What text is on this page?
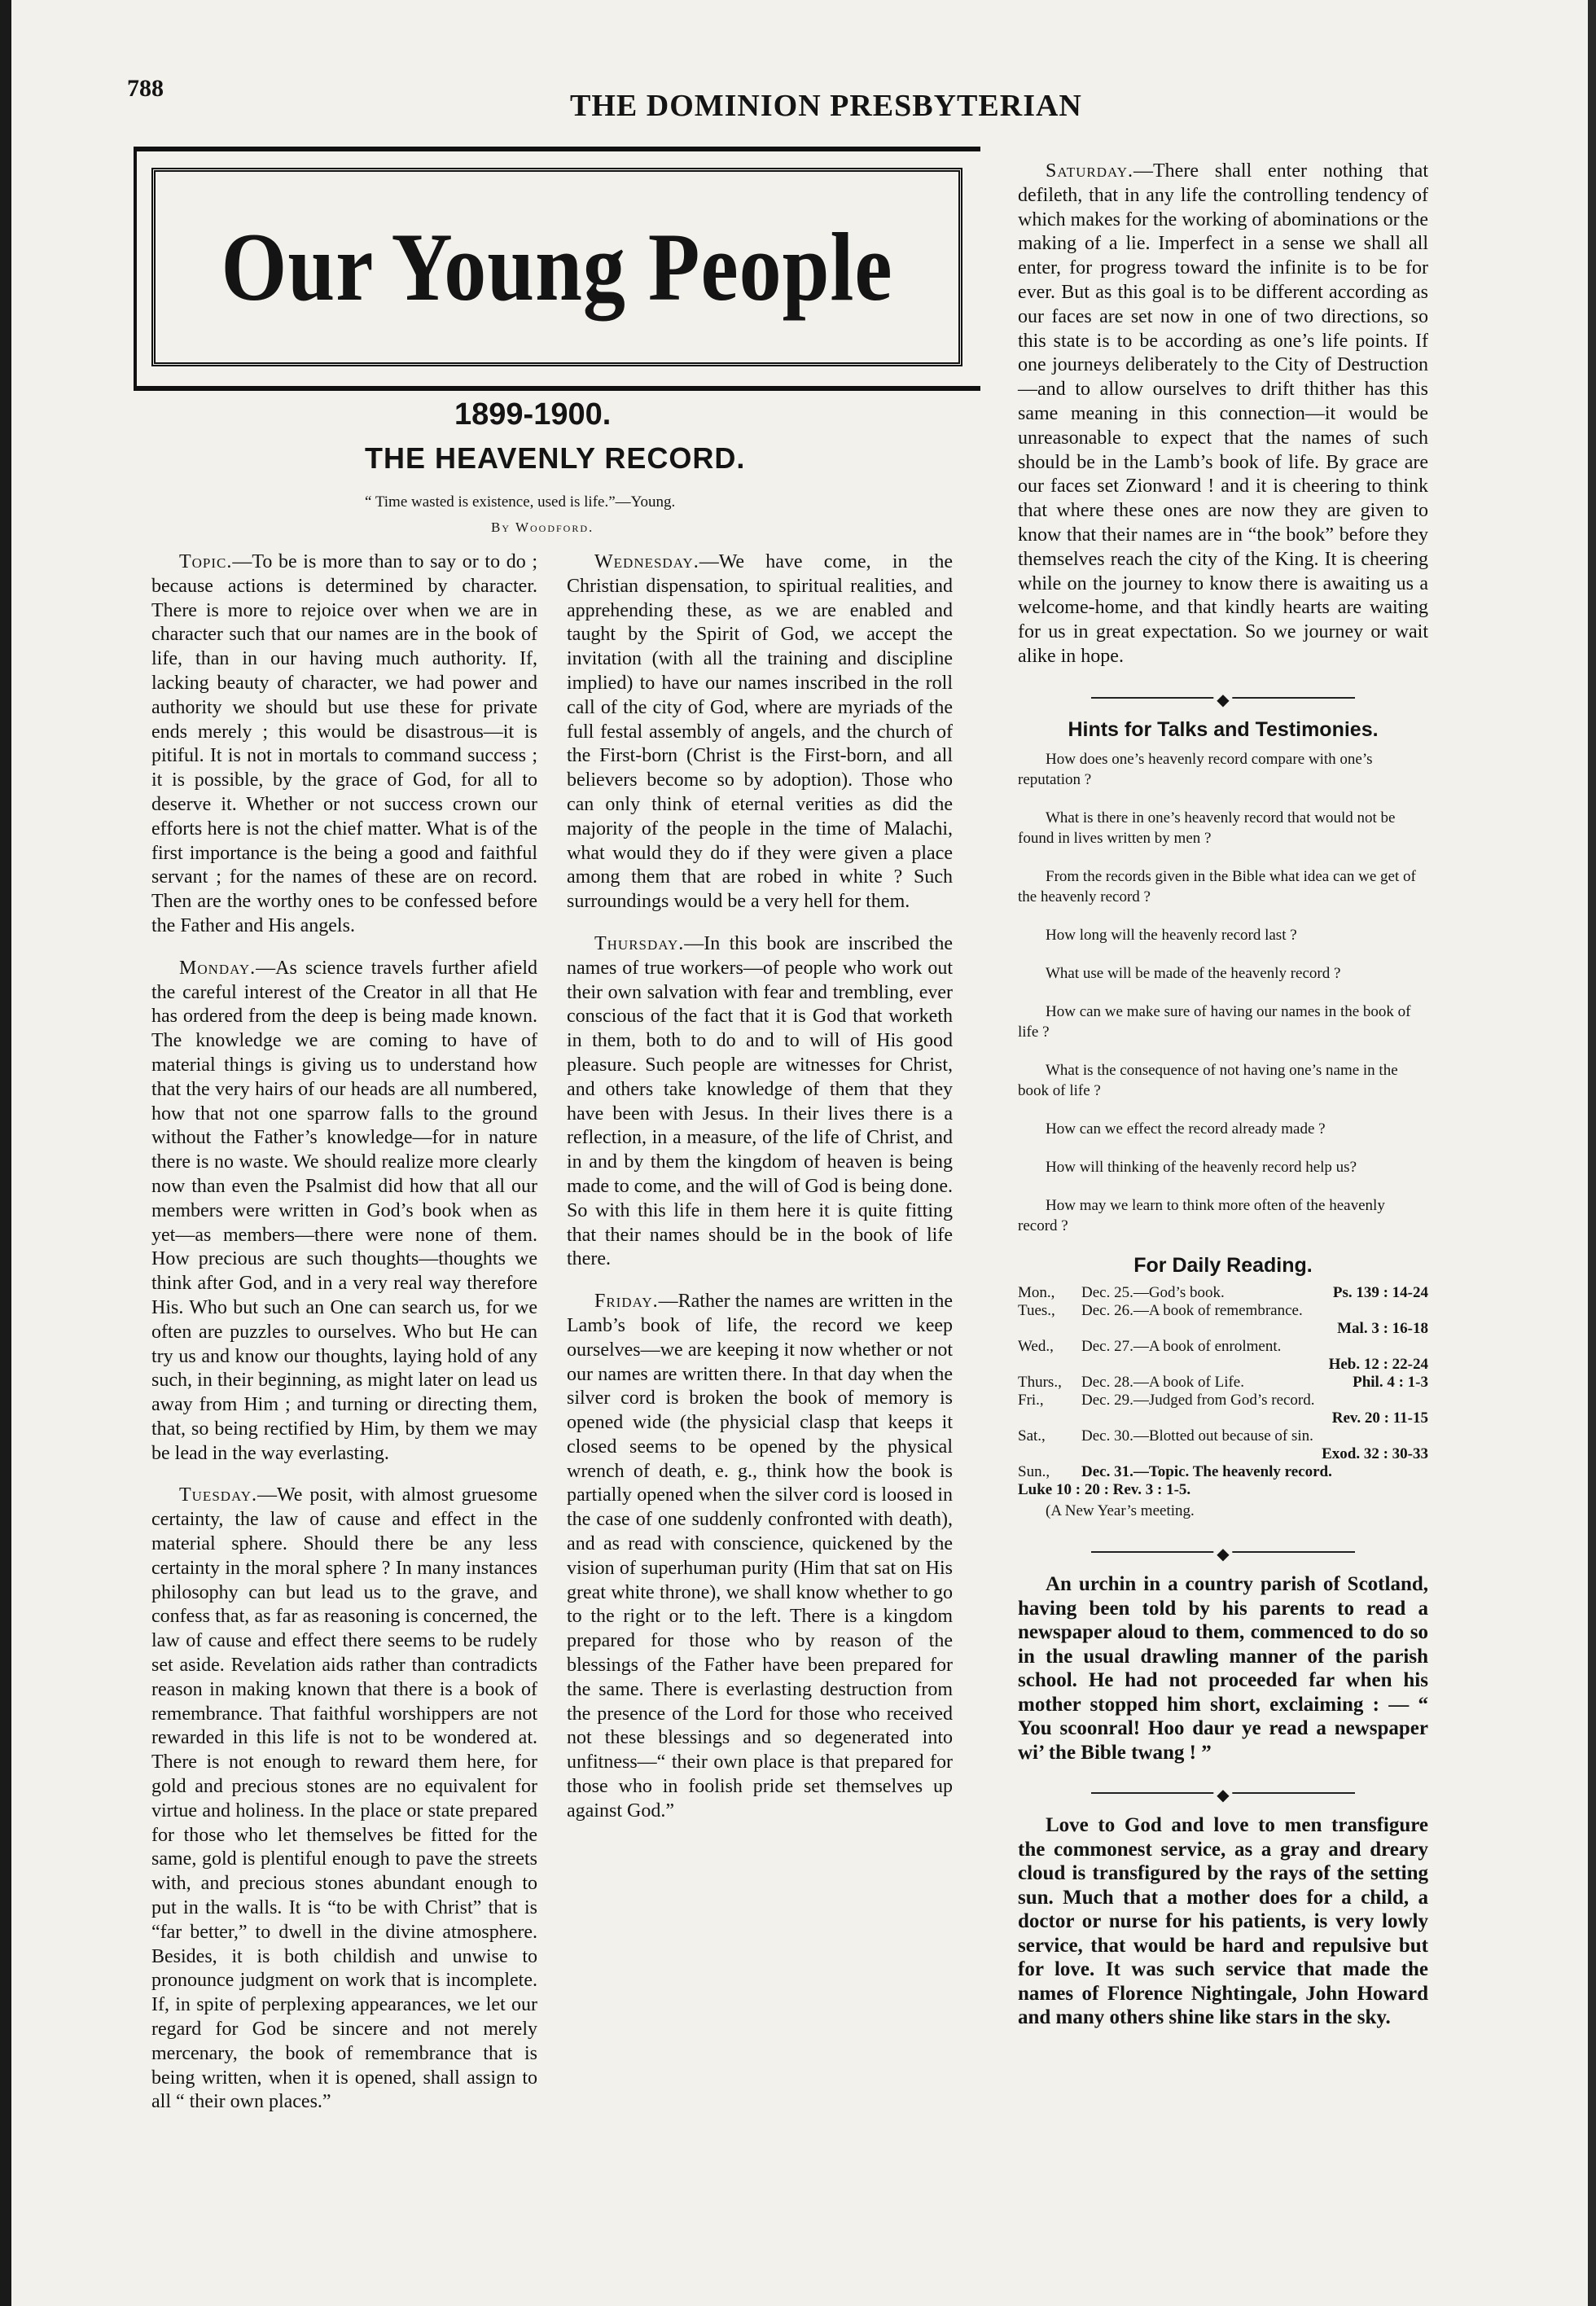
788
THE DOMINION PRESBYTERIAN
Our Young People
1899-1900.
THE HEAVENLY RECORD.
“ Time wasted is existence, used is life.”—Young.
By Woodford.

Topic.—To be is more than to say or to do ; because actions is determined by character. There is more to rejoice over when we are in character such that our names are in the book of life, than in our having much authority. If, lacking beauty of character, we had power and authority we should but use these for private ends merely ; this would be disastrous—it is pitiful. It is not in mortals to command success ; it is possible, by the grace of God, for all to deserve it. Whether or not success crown our efforts here is not the chief matter. What is of the first importance is the being a good and faithful servant ; for the names of these are on record. Then are the worthy ones to be confessed before the Father and His angels.

Monday.—As science travels further afield the careful interest of the Creator in all that He has ordered from the deep is being made known. The knowledge we are coming to have of material things is giving us to understand how that the very hairs of our heads are all numbered, how that not one sparrow falls to the ground without the Father’s knowledge—for in nature there is no waste. We should realize more clearly now than even the Psalmist did how that all our members were written in God’s book when as yet—as members—there were none of them. How precious are such thoughts—thoughts we think after God, and in a very real way therefore His. Who but such an One can search us, for we often are puzzles to ourselves. Who but He can try us and know our thoughts, laying hold of any such, in their beginning, as might later on lead us away from Him ; and turning or directing them, that, so being rectified by Him, by them we may be lead in the way everlasting.

Tuesday.—We posit, with almost gruesome certainty, the law of cause and effect in the material sphere. Should there be any less certainty in the moral sphere ? In many instances philosophy can but lead us to the grave, and confess that, as far as reasoning is concerned, the law of cause and effect there seems to be rudely set aside. Revelation aids rather than contradicts reason in making known that there is a book of remembrance. That faithful worshippers are not rewarded in this life is not to be wondered at. There is not enough to reward them here, for gold and precious stones are no equivalent for virtue and holiness. In the place or state prepared for those who let themselves be fitted for the same, gold is plentiful enough to pave the streets with, and precious stones abundant enough to put in the walls. It is “to be with Christ” that is “far better,” to dwell in the divine atmosphere. Besides, it is both childish and unwise to pronounce judgment on work that is incomplete. If, in spite of perplexing appearances, we let our regard for God be sincere and not merely mercenary, the book of remembrance that is being written, when it is opened, shall assign to all “ their own places.”

Wednesday.—We have come, in the Christian dispensation, to spiritual realities, and apprehending these, as we are enabled and taught by the Spirit of God, we accept the invitation (with all the training and discipline implied) to have our names inscribed in the roll call of the city of God, where are myriads of the full festal assembly of angels, and the church of the First-born (Christ is the First-born, and all believers become so by adoption). Those who can only think of eternal verities as did the majority of the people in the time of Malachi, what would they do if they were given a place among them that are robed in white ? Such surroundings would be a very hell for them.

Thursday.—In this book are inscribed the names of true workers—of people who work out their own salvation with fear and trembling, ever conscious of the fact that it is God that worketh in them, both to do and to will of His good pleasure. Such people are witnesses for Christ, and others take knowledge of them that they have been with Jesus. In their lives there is a reflection, in a measure, of the life of Christ, and in and by them the kingdom of heaven is being made to come, and the will of God is being done. So with this life in them here it is quite fitting that their names should be in the book of life there.

Friday.—Rather the names are written in the Lamb’s book of life, the record we keep ourselves—we are keeping it now whether or not our names are written there. In that day when the silver cord is broken the book of memory is opened wide (the physicial clasp that keeps it closed seems to be opened by the physical wrench of death, e. g., think how the book is partially opened when the silver cord is loosed in the case of one suddenly confronted with death), and as read with conscience, quickened by the vision of superhuman purity (Him that sat on His great white throne), we shall know whether to go to the right or to the left. There is a kingdom prepared for those who by reason of the blessings of the Father have been prepared for the same. There is everlasting destruction from the presence of the Lord for those who received not these blessings and so degenerated into unfitness—“ their own place is that prepared for those who in foolish pride set themselves up against God.”

Saturday.—There shall enter nothing that defileth, that in any life the controlling tendency of which makes for the working of abominations or the making of a lie. Imperfect in a sense we shall all enter, for progress toward the infinite is to be for ever. But as this goal is to be different according as our faces are set now in one of two directions, so this state is to be according as one’s life points. If one journeys deliberately to the City of Destruction—and to allow ourselves to drift thither has this same meaning in this connection—it would be unreasonable to expect that the names of such should be in the Lamb’s book of life. By grace are our faces set Zionward ! and it is cheering to think that where these ones are now they are given to know that their names are in “the book” before they themselves reach the city of the King. It is cheering while on the journey to know there is awaiting us a welcome-home, and that kindly hearts are waiting for us in great expectation. So we journey or wait alike in hope.

◆
Hints for Talks and Testimonies.

How does one’s heavenly record compare with one’s reputation ?

What is there in one’s heavenly record that would not be found in lives written by men ?

From the records given in the Bible what idea can we get of the heavenly record ?

How long will the heavenly record last ?

What use will be made of the heavenly record ?

How can we make sure of having our names in the book of life ?

What is the consequence of not having one’s name in the book of life ?

How can we effect the record already made ?

How will thinking of the heavenly record help us?

How may we learn to think more often of the heavenly record ?

For Daily Reading.
Mon.,	Dec. 25.—God’s book.	Ps. 139 : 14-24
Tues.,	Dec. 26.—A book of remembrance.	
		Mal. 3 : 16-18
Wed.,	Dec. 27.—A book of enrolment.	
		Heb. 12 : 22-24
Thurs.,	Dec. 28.—A book of Life.	Phil. 4 : 1-3
Fri.,	Dec. 29.—Judged from God’s record.	
		Rev. 20 : 11-15
Sat.,	Dec. 30.—Blotted out because of sin.	
		Exod. 32 : 30-33
Sun.,	Dec. 31.—Topic. The heavenly record.	
Luke 10 : 20 : Rev. 3 : 1-5.		

(A New Year’s meeting.

◆

An urchin in a country parish of Scotland, having been told by his parents to read a newspaper aloud to them, commenced to do so in the usual drawling manner of the parish school. He had not proceeded far when his mother stopped him short, exclaiming : — “ You scoonral! Hoo daur ye read a newspaper wi’ the Bible twang ! ”

◆

Love to God and love to men transfigure the commonest service, as a gray and dreary cloud is transfigured by the rays of the setting sun. Much that a mother does for a child, a doctor or nurse for his patients, is very lowly service, that would be hard and repulsive but for love. It was such service that made the names of Florence Nightingale, John Howard and many others shine like stars in the sky.
